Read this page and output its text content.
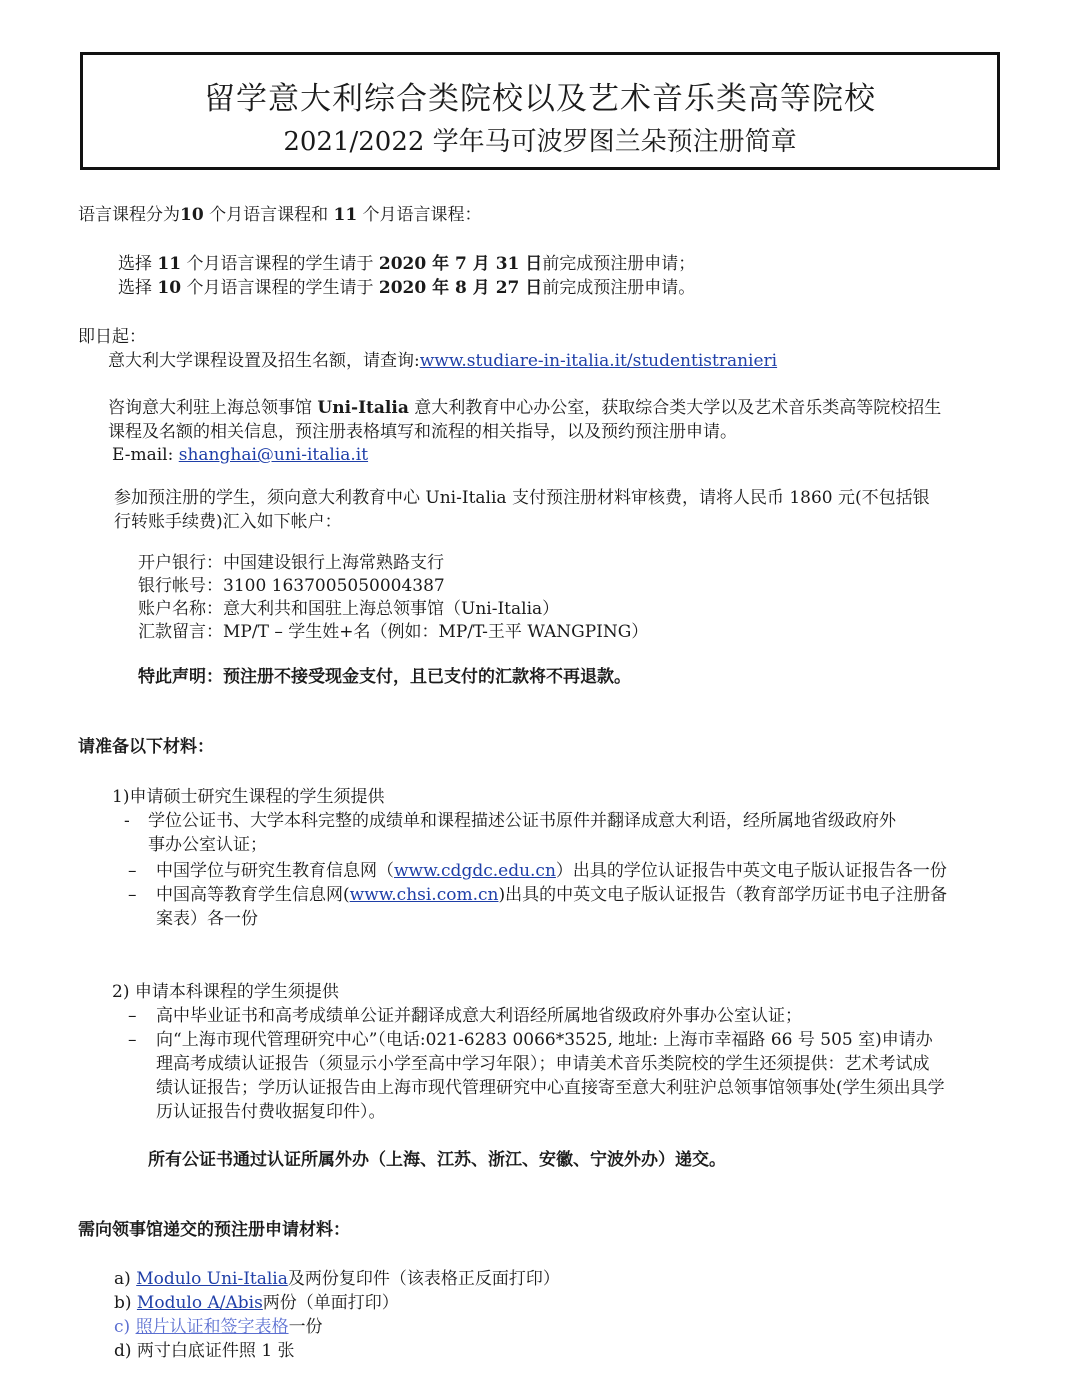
留学意大利综合类院校以及艺术音乐类高等院校
2021/2022 学年马可波罗图兰朵预注册简章
语言课程分为10 个月语言课程和 11 个月语言课程：
选择 11 个月语言课程的学生请于 2020 年 7 月 31 日前完成预注册申请；
选择 10 个月语言课程的学生请于 2020 年 8 月 27 日前完成预注册申请。
即日起：
意大利大学课程设置及招生名额，请查询:www.studiare-in-italia.it/studentistranieri
咨询意大利驻上海总领事馆 Uni-Italia 意大利教育中心办公室，获取综合类大学以及艺术音乐类高等院校招生
课程及名额的相关信息，预注册表格填写和流程的相关指导，以及预约预注册申请。
E-mail: shanghai@uni-italia.it
参加预注册的学生，须向意大利教育中心 Uni-Italia 支付预注册材料审核费，请将人民币 1860 元(不包括银
行转账手续费)汇入如下帐户：
开户银行：中国建设银行上海常熟路支行
银行帐号：3100 1637005050004387
账户名称：意大利共和国驻上海总领事馆（Uni-Italia）
汇款留言：MP/T – 学生姓+名（例如：MP/T-王平 WANGPING）
特此声明：预注册不接受现金支付，且已支付的汇款将不再退款。
请准备以下材料：
1)申请硕士研究生课程的学生须提供
- 学位公证书、大学本科完整的成绩单和课程描述公证书原件并翻译成意大利语，经所属地省级政府外
事办公室认证；
– 中国学位与研究生教育信息网（www.cdgdc.edu.cn）出具的学位认证报告中英文电子版认证报告各一份
– 中国高等教育学生信息网(www.chsi.com.cn)出具的中英文电子版认证报告（教育部学历证书电子注册备
案表）各一份
2) 申请本科课程的学生须提供
– 高中毕业证书和高考成绩单公证并翻译成意大利语经所属地省级政府外事办公室认证；
– 向“上海市现代管理研究中心”（电话:021-6283 0066*3525, 地址: 上海市幸福路 66 号 505 室)申请办
理高考成绩认证报告（须显示小学至高中学习年限）；申请美术音乐类院校的学生还须提供：艺术考试成
绩认证报告；学历认证报告由上海市现代管理研究中心直接寄至意大利驻沪总领事馆领事处(学生须出具学
历认证报告付费收据复印件）。
所有公证书通过认证所属外办（上海、江苏、浙江、安徽、宁波外办）递交。
需向领事馆递交的预注册申请材料：
a) Modulo Uni-Italia及两份复印件（该表格正反面打印）
b) Modulo A/Abis两份（单面打印）
c) 照片认证和签字表格一份
d) 两寸白底证件照 1 张
